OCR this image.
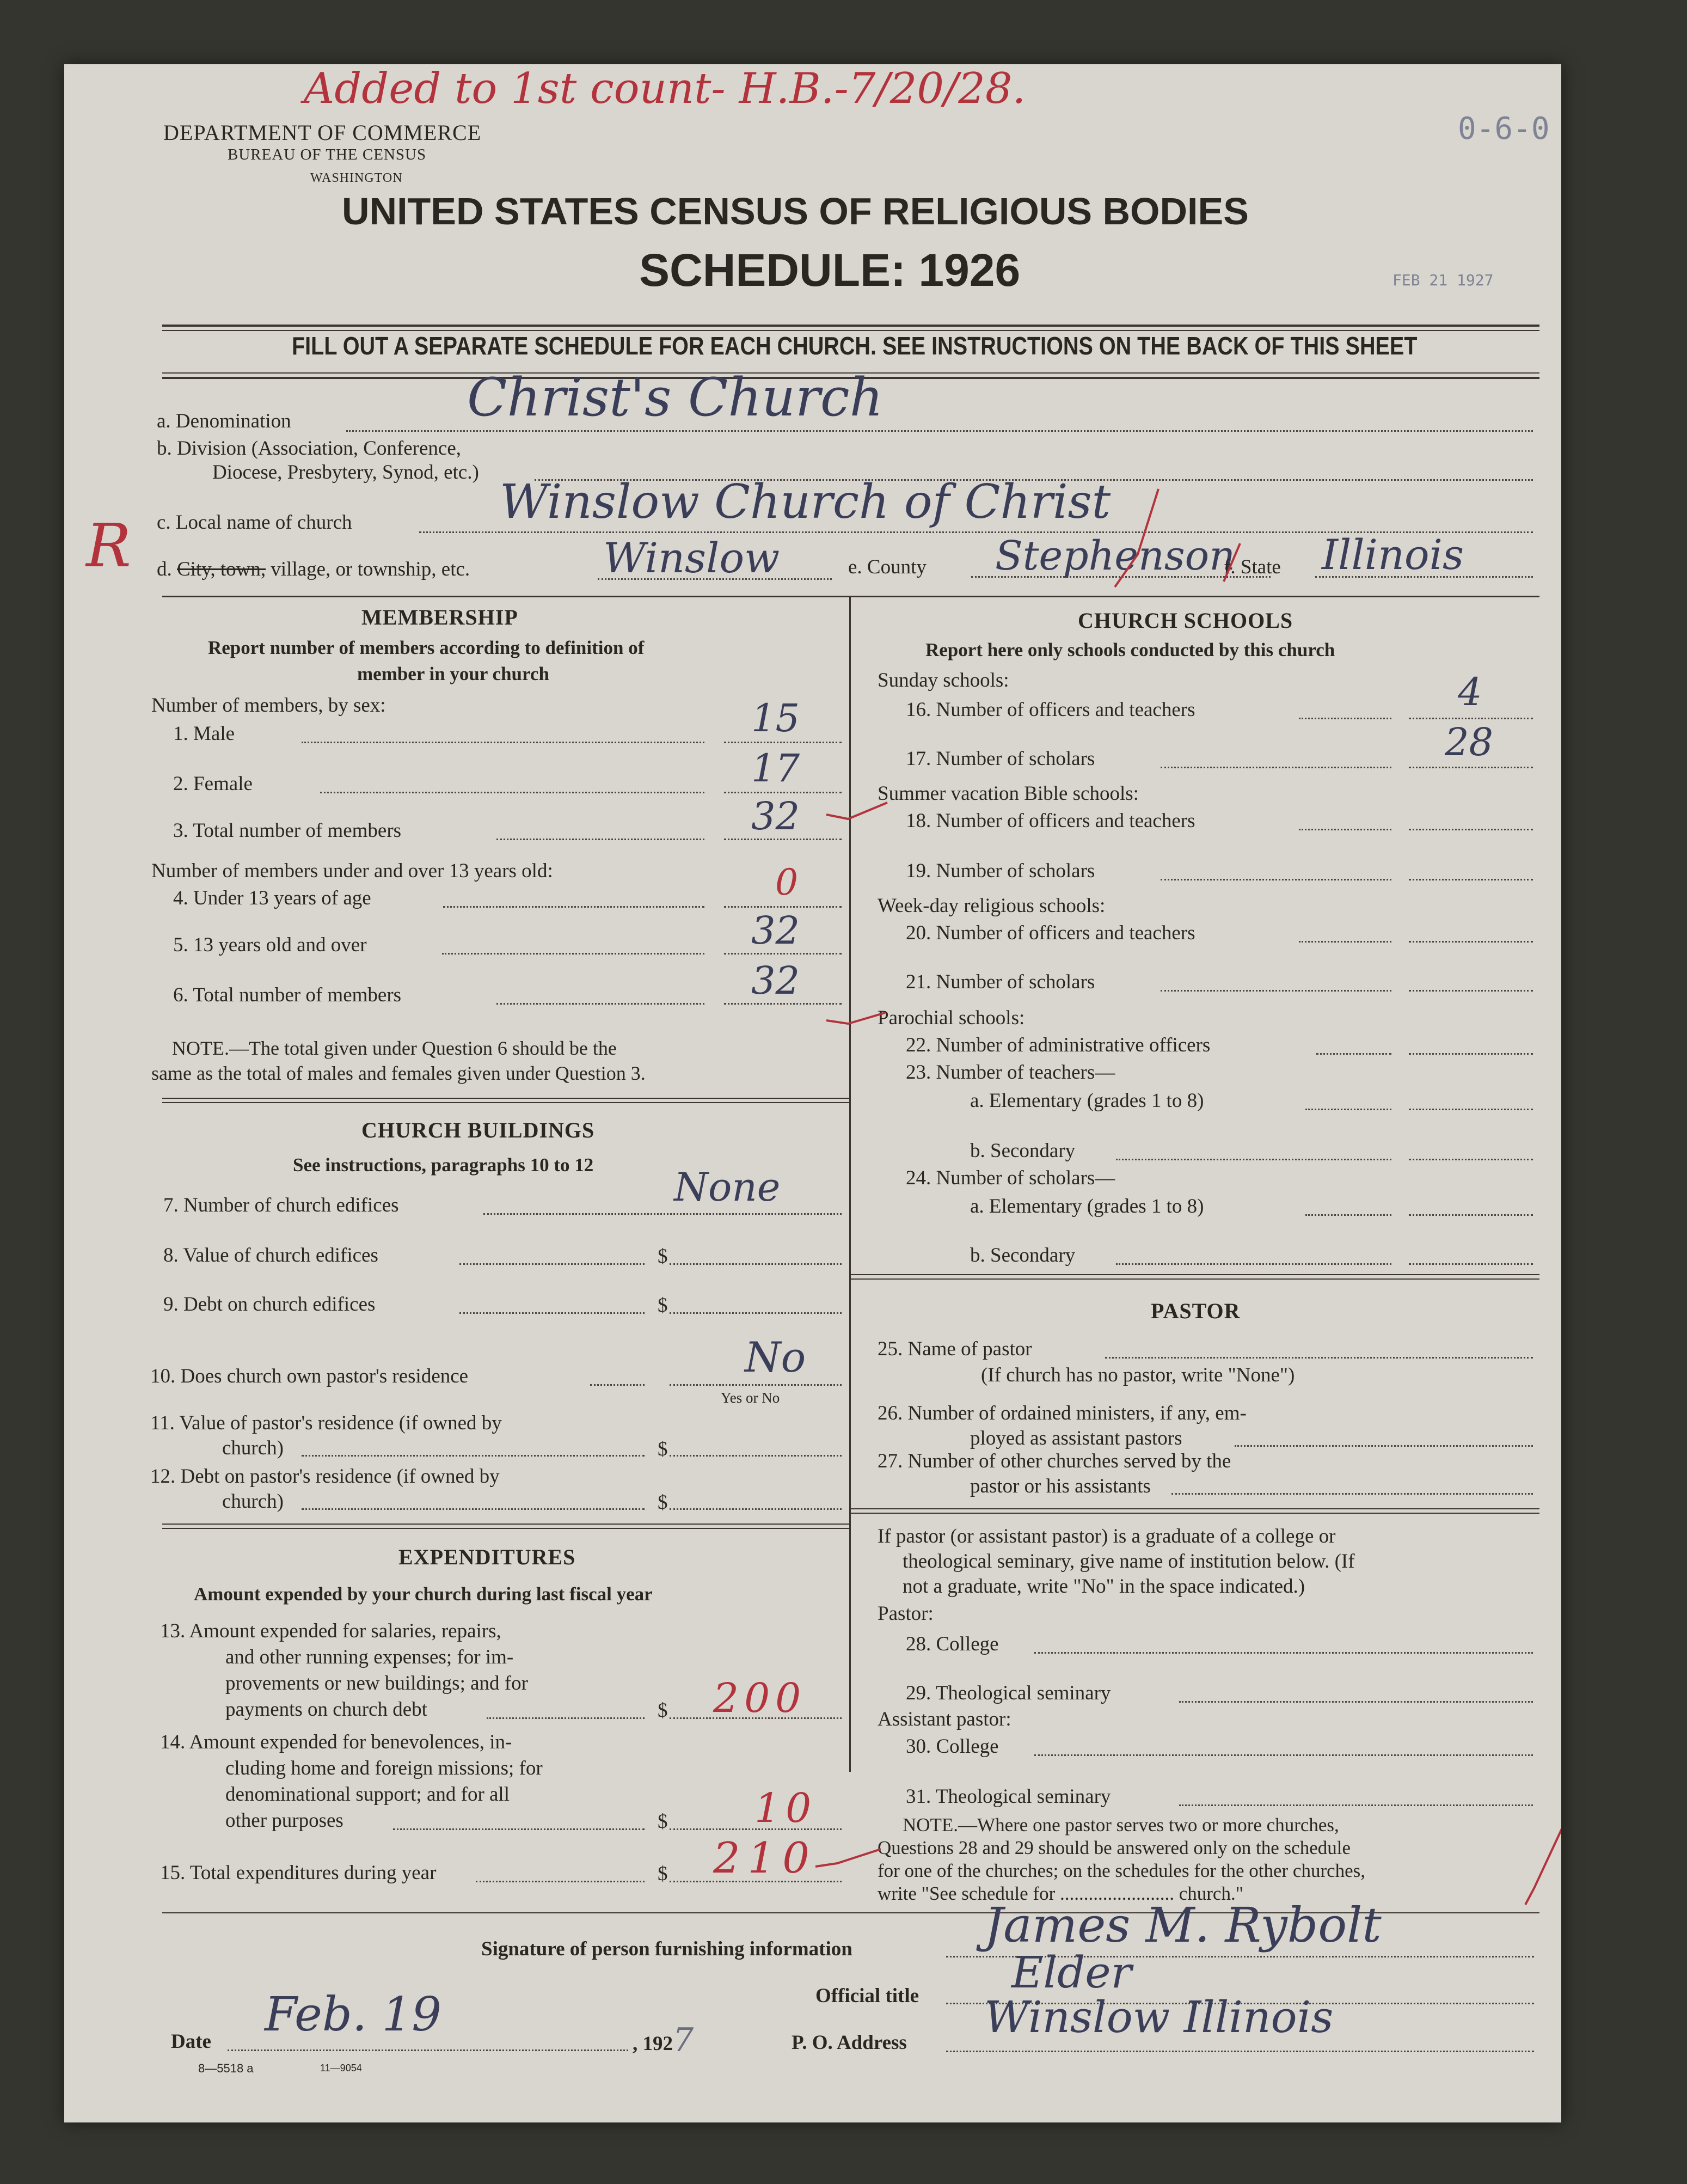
Added to 1st count- H.B.-7/20/28.
0-6-0
FEB 21 1927
DEPARTMENT OF COMMERCE
BUREAU OF THE CENSUS
WASHINGTON
UNITED STATES CENSUS OF RELIGIOUS BODIES
SCHEDULE: 1926
FILL OUT A SEPARATE SCHEDULE FOR EACH CHURCH. SEE INSTRUCTIONS ON THE BACK OF THIS SHEET
a. Denomination	Christ's Church
b. Division (Association, Conference,
Diocese, Presbytery, Synod, etc.)
c. Local name of church	Winslow Church of Christ
R d. City, town, village, or township, etc.	Winslow	e. County Stephenson
f. State Illinois
MEMBERSHIP
Report number of members according to definition of
member in your church
Number of members, by sex:
1. Male	15
2. Female	17
3. Total number of members	32
Number of members under and over 13 years old:
4. Under 13 years of age	0
5. 13 years old and over	32
6. Total number of members	32
NOTE.—The total given under Question 6 should be the
same as the total of males and females given under Question 3.
CHURCH BUILDINGS
See instructions, paragraphs 10 to 12
7. Number of church edifices	None
8. Value of church edifices	$
9. Debt on church edifices	$
10. Does church own pastor's residence	No
Yes or No
11. Value of pastor's residence (if owned by
church)	$
12. Debt on pastor's residence (if owned by
church)	$
EXPENDITURES
Amount expended by your church during last fiscal year
13. Amount expended for salaries, repairs,
and other running expenses; for im-
provements or new buildings; and for
payments on church debt	$ 200
14. Amount expended for benevolences, in-
cluding home and foreign missions; for
denominational support; and for all
other purposes	$ 10
15. Total expenditures during year	$ 210
CHURCH SCHOOLS
Report here only schools conducted by this church
Sunday schools:
16. Number of officers and teachers	4
17. Number of scholars	28
Summer vacation Bible schools:
18. Number of officers and teachers
19. Number of scholars
Week-day religious schools:
20. Number of officers and teachers
21. Number of scholars
Parochial schools:
22. Number of administrative officers
23. Number of teachers—
a. Elementary (grades 1 to 8)
b. Secondary
24. Number of scholars—
a. Elementary (grades 1 to 8)
b. Secondary
PASTOR
25. Name of pastor
(If church has no pastor, write "None")
26. Number of ordained ministers, if any, em-
ployed as assistant pastors
27. Number of other churches served by the
pastor or his assistants
If pastor (or assistant pastor) is a graduate of a college or
theological seminary, give name of institution below. (If
not a graduate, write "No" in the space indicated.)
Pastor:
28. College
29. Theological seminary
Assistant pastor:
30. College
31. Theological seminary
NOTE.—Where one pastor serves two or more churches,
Questions 28 and 29 should be answered only on the schedule
for one of the churches; on the schedules for the other churches,
write "See schedule for ........................ church."
Signature of person furnishing information	James M. Rybolt
Official title Elder
Date Feb. 19
, 192 7	P. O. Address
Winslow Illinois
8—5518 a	11—9054
